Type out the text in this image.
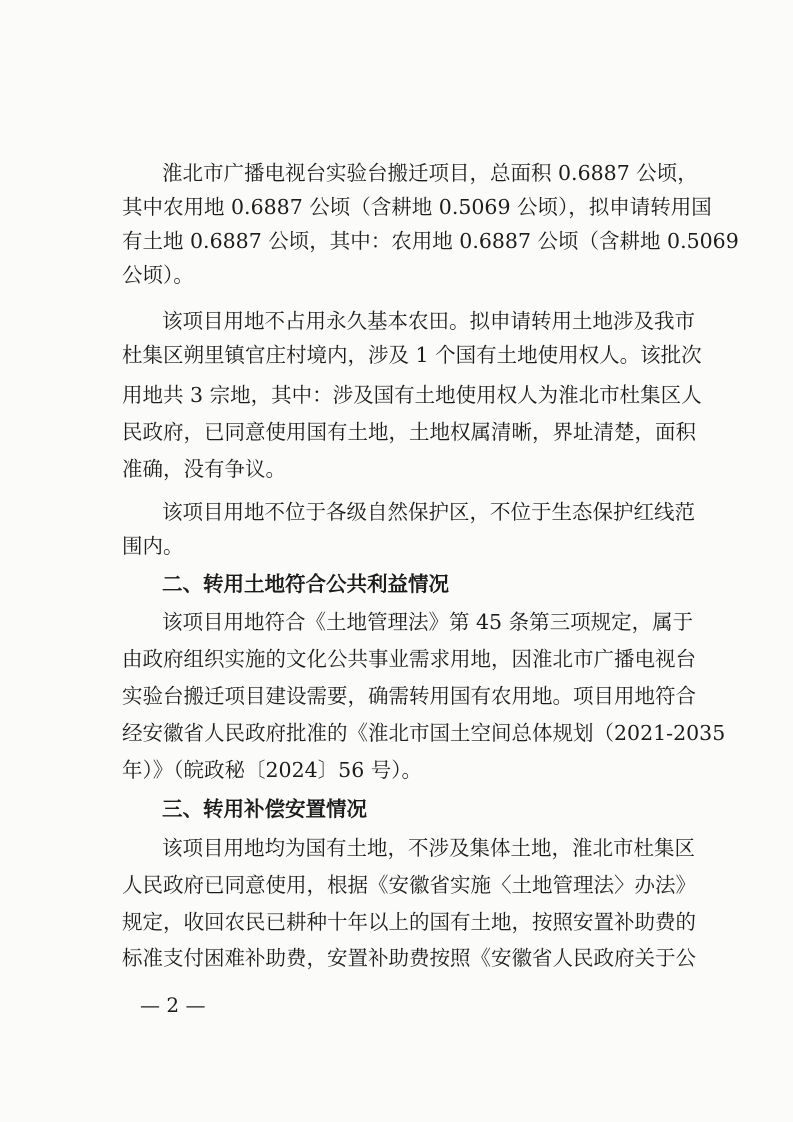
淮北市广播电视台实验台搬迁项目，总面积 0.6887 公顷，

其中农用地 0.6887 公顷（含耕地 0.5069 公顷），拟申请转用国

有土地 0.6887 公顷，其中：农用地 0.6887 公顷（含耕地 0.5069

公顷）。

该项目用地不占用永久基本农田。拟申请转用土地涉及我市

杜集区朔里镇官庄村境内，涉及 1 个国有土地使用权人。该批次

用地共 3 宗地，其中：涉及国有土地使用权人为淮北市杜集区人

民政府，已同意使用国有土地，土地权属清晰，界址清楚，面积

准确，没有争议。

该项目用地不位于各级自然保护区，不位于生态保护红线范

围内。

二、转用土地符合公共利益情况

该项目用地符合《土地管理法》第 45 条第三项规定，属于

由政府组织实施的文化公共事业需求用地，因淮北市广播电视台

实验台搬迁项目建设需要，确需转用国有农用地。项目用地符合

经安徽省人民政府批准的《淮北市国土空间总体规划（2021-2035

年）》（皖政秘〔2024〕56 号）。

三、转用补偿安置情况

该项目用地均为国有土地，不涉及集体土地，淮北市杜集区

人民政府已同意使用，根据《安徽省实施〈土地管理法〉办法》

规定，收回农民已耕种十年以上的国有土地，按照安置补助费的

标准支付困难补助费，安置补助费按照《安徽省人民政府关于公

— 2 —
